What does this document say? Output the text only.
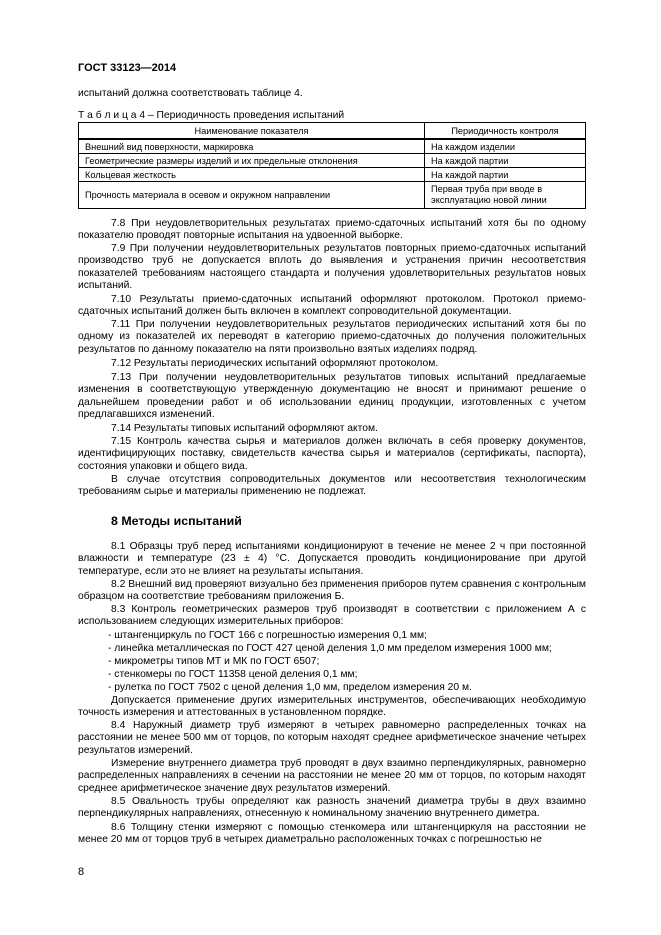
ГОСТ 33123—2014
испытаний должна соответствовать таблице 4.
Т а б л и ц а 4 – Периодичность проведения испытаний
Наименование показателя	Периодичность контроля
Внешний вид поверхности, маркировка	На каждом изделии
Геометрические размеры изделий и их предельные отклонения	На каждой партии
Кольцевая жесткость	На каждой партии
Прочность материала в осевом и окружном направлении	Первая труба при вводе в эксплуатацию новой линии
7.8 При неудовлетворительных результатах приемо-сдаточных испытаний хотя бы по одному показателю проводят повторные испытания на удвоенной выборке.
7.9 При получении неудовлетворительных результатов повторных приемо-сдаточных испытаний производство труб не допускается вплоть до выявления и устранения причин несоответствия показателей требованиям настоящего стандарта и получения удовлетворительных результатов новых испытаний.
7.10 Результаты приемо-сдаточных испытаний оформляют протоколом. Протокол приемо-сдаточных испытаний должен быть включен в комплект сопроводительной документации.
7.11 При получении неудовлетворительных результатов периодических испытаний хотя бы по одному из показателей их переводят в категорию приемо-сдаточных до получения положительных результатов по данному показателю на пяти произвольно взятых изделиях подряд.
7.12 Результаты периодических испытаний оформляют протоколом.
7.13 При получении неудовлетворительных результатов типовых испытаний предлагаемые изменения в соответствующую утвержденную документацию не вносят и принимают решение о дальнейшем проведении работ и об использовании единиц продукции, изготовленных с учетом предлагавшихся изменений.
7.14 Результаты типовых испытаний оформляют актом.
7.15 Контроль качества сырья и материалов должен включать в себя проверку документов, идентифицирующих поставку, свидетельств качества сырья и материалов (сертификаты, паспорта), состояния упаковки и общего вида.
В случае отсутствия сопроводительных документов или несоответствия технологическим требованиям сырье и материалы применению не подлежат.
8 Методы испытаний
8.1 Образцы труб перед испытаниями кондиционируют в течение не менее 2 ч при постоянной влажности и температуре (23 ± 4) °С. Допускается проводить кондиционирование при другой температуре, если это не влияет на результаты испытания.
8.2 Внешний вид проверяют визуально без применения приборов путем сравнения с контрольным образцом на соответствие требованиям приложения Б.
8.3 Контроль геометрических размеров труб производят в соответствии с приложением А с использованием следующих измерительных приборов:
- штангенциркуль по ГОСТ 166 с погрешностью измерения 0,1 мм;
- линейка металлическая по ГОСТ 427 ценой деления 1,0 мм пределом измерения 1000 мм;
- микрометры типов МТ и МК по ГОСТ 6507;
- стенкомеры по ГОСТ 11358 ценой деления 0,1 мм;
- рулетка по ГОСТ 7502 с ценой деления 1,0 мм, пределом измерения 20 м.
Допускается применение других измерительных инструментов, обеспечивающих необходимую точность измерения и аттестованных в установленном порядке.
8.4 Наружный диаметр труб измеряют в четырех равномерно распределенных точках на расстоянии не менее 500 мм от торцов, по которым находят среднее арифметическое значение четырех результатов измерений.
Измерение внутреннего диаметра труб проводят в двух взаимно перпендикулярных, равномерно распределенных направлениях в сечении на расстоянии не менее 20 мм от торцов, по которым находят среднее арифметическое значение двух результатов измерений.
8.5 Овальность трубы определяют как разность значений диаметра трубы в двух взаимно перпендикулярных направлениях, отнесенную к номинальному значению внутреннего диметра.
8.6 Толщину стенки измеряют с помощью стенкомера или штангенциркуля на расстоянии не менее 20 мм от торцов труб в четырех диаметрально расположенных точках с погрешностью не
8
